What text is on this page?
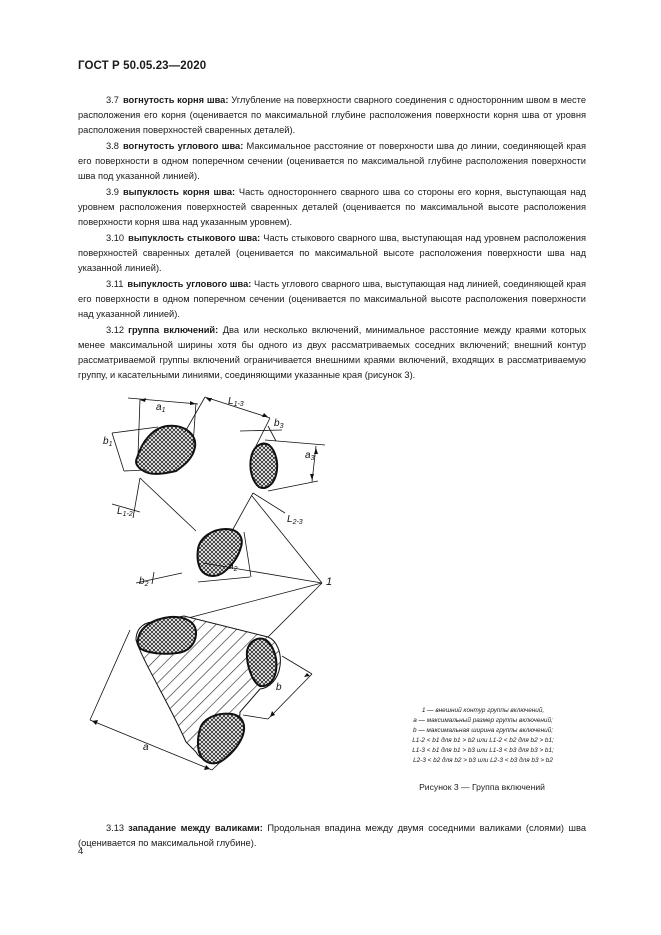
ГОСТ Р 50.05.23—2020

3.7 вогнутость корня шва: Углубление на поверхности сварного соединения с односторонним швом в месте расположения его корня (оценивается по максимальной глубине расположения поверхности корня шва от уровня расположения поверхностей сваренных деталей).

3.8 вогнутость углового шва: Максимальное расстояние от поверхности шва до линии, соединяющей края его поверхности в одном поперечном сечении (оценивается по максимальной глубине расположения поверхности шва под указанной линией).

3.9 выпуклость корня шва: Часть одностороннего сварного шва со стороны его корня, выступающая над уровнем расположения поверхностей сваренных деталей (оценивается по максимальной высоте расположения поверхности корня шва над указанным уровнем).

3.10 выпуклость стыкового шва: Часть стыкового сварного шва, выступающая над уровнем расположения поверхностей сваренных деталей (оценивается по максимальной высоте расположения поверхности шва над указанной линией).

3.11 выпуклость углового шва: Часть углового сварного шва, выступающая над линией, соединяющей края его поверхности в одном поперечном сечении (оценивается по максимальной высоте расположения поверхности над указанной линией).

3.12 группа включений: Два или несколько включений, минимальное расстояние между краями которых менее максимальной ширины хотя бы одного из двух рассматриваемых соседних включений; внешний контур рассматриваемой группы включений ограничивается внешними краями включений, входящих в рассматриваемую группу, и касательными линиями, соединяющими указанные края (рисунок 3).

$a_1$
$L_{1-3}$
$b_3$
$b_1$
$a_3$
$L_{1-2}$	$L_{2-3}$
$a_2$
$b_2$	1
a
b
1 — внешний контур группы включений,
a — максимальный размер группы включений;
b — максимальная ширина группы включений;
L1-2 < b1 для b1 > b2 или L1-2 < b2 для b2 > b1;
L1-3 < b1 для b1 > b3 или L1-3 < b3 для b3 > b1;
L2-3 < b2 для b2 > b3 или L2-3 < b3 для b3 > b2
Рисунок 3 — Группа включений

3.13 западание между валиками: Продольная впадина между двумя соседними валиками (слоями) шва (оценивается по максимальной глубине).

4
